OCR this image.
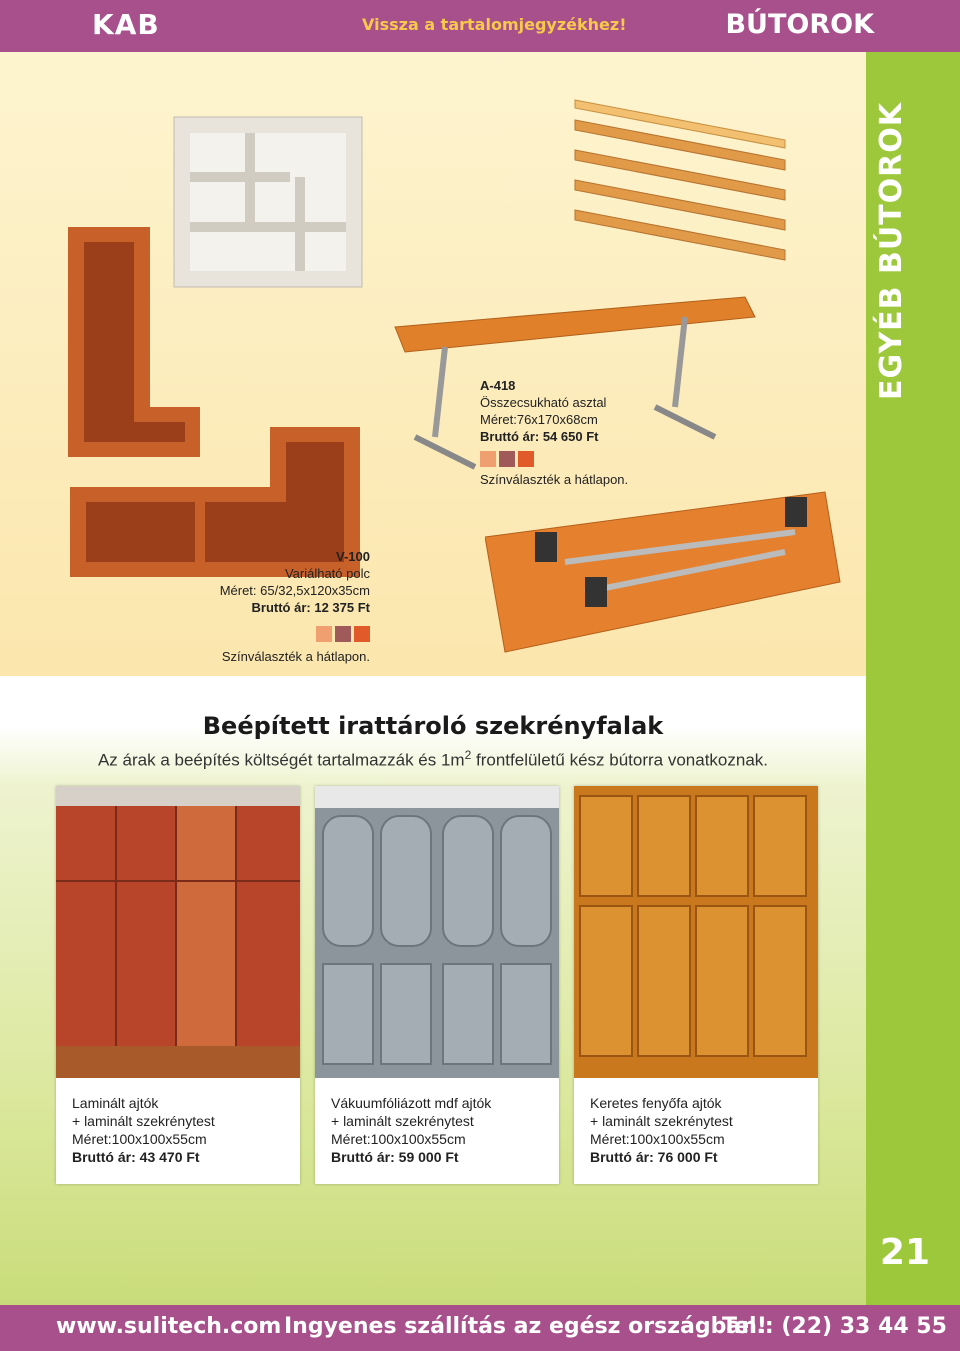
KAB	Vissza a tartalomjegyzékhez!	BÚTOROK
A-418
Összecsukható asztal
Méret:76x170x68cm
Bruttó ár: 54 650 Ft
Színválaszték a hátlapon.
V-100
Variálható polc
Méret: 65/32,5x120x35cm
Bruttó ár: 12 375 Ft
Színválaszték a hátlapon.
Beépített irattároló szekrényfalak
Az árak a beépítés költségét tartalmazzák és $1m^2$ frontfelületű kész bútorra vonatkoznak.
Laminált ajtók
+ laminált szekrénytest
Méret:100x100x55cm
Bruttó ár: 43 470 Ft
Vákuumfóliázott mdf ajtók
+ laminált szekrénytest
Méret:100x100x55cm
Bruttó ár: 59 000 Ft
Keretes fenyőfa ajtók
+ laminált szekrénytest
Méret:100x100x55cm
Bruttó ár: 76 000 Ft
EGYÉB BÚTOROK
21
www.sulitech.com Ingyenes szállítás az egész országban!
Tel.: (22) 33 44 55
